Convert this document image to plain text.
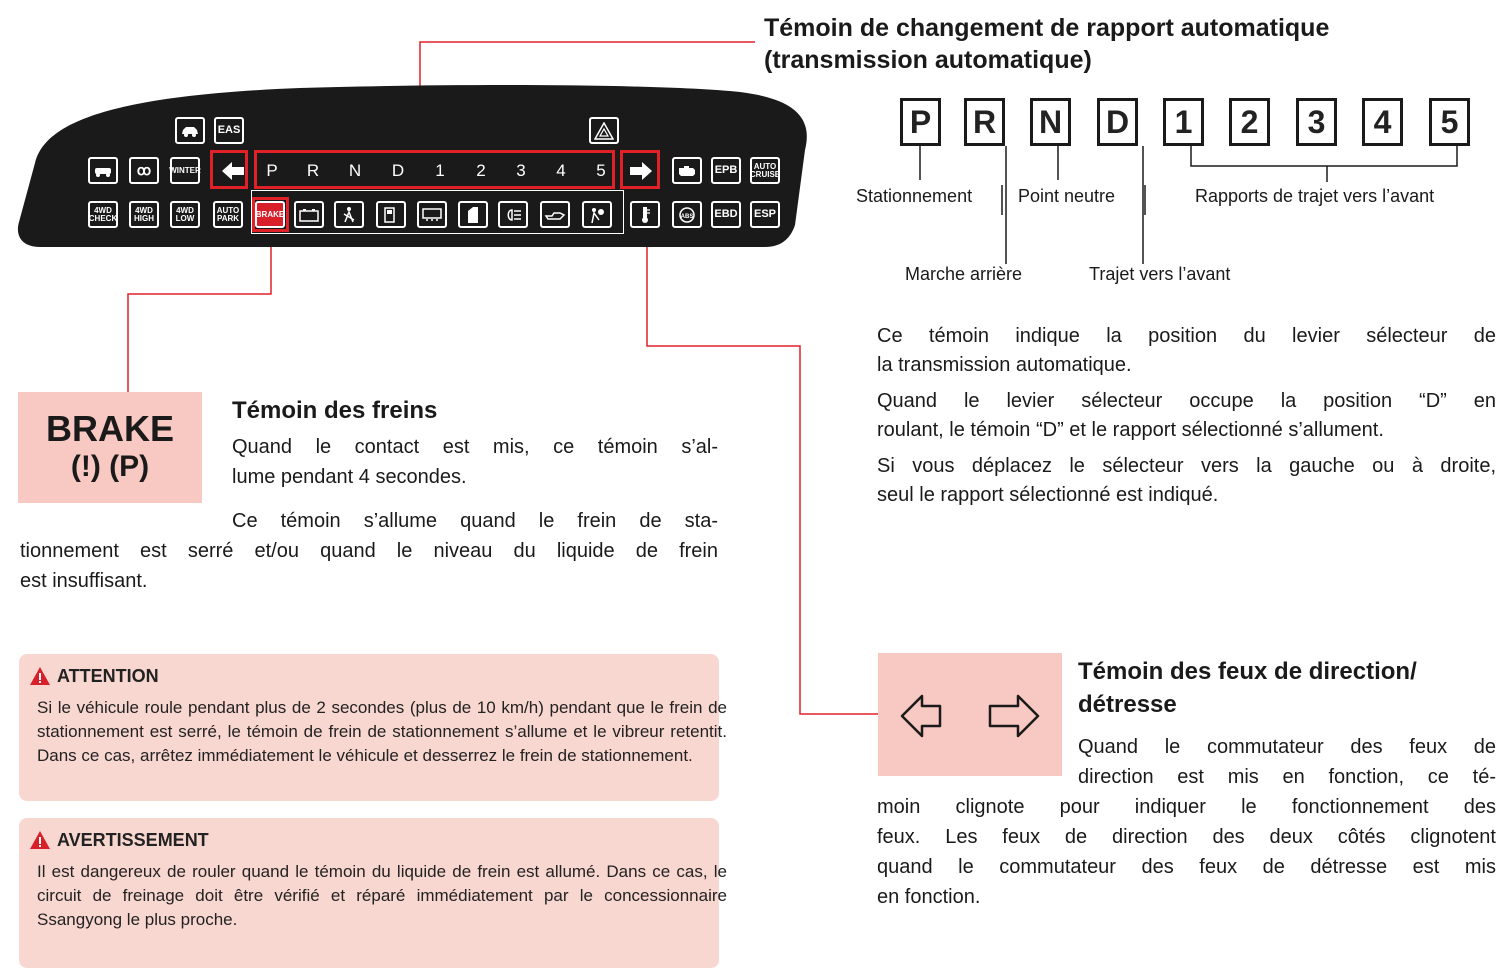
EAS
ꝏ	WINTER	P R N D	1	2	3	4	5	EPB	AUTO CRUISE
4WD CHECK
4WD HIGH
4WD LOW
AUTO PARK BRAKE	ABS EBD ESP
Témoin de changement de rapport automatique
(transmission automatique)
P	R N D	1	2	3	4	5
Stationnement	Point neutre	Rapports de trajet vers l’avant
Marche arrière	Trajet vers l’avant
Ce témoin indique la position du levier sélecteur de
la transmission automatique.
Quand le levier sélecteur occupe la position “D” en
roulant, le témoin “D” et le rapport sélectionné s’allument.
Si vous déplacez le sélecteur vers la gauche ou à droite,
seul le rapport sélectionné est indiqué.
BRAKE
(!) (P)
Témoin des freins
Quand le contact est mis, ce témoin s’al-
lume pendant 4 secondes.
Ce témoin s’allume quand le frein de sta-
tionnement est serré et/ou quand le niveau du liquide de frein
est insuffisant.
ATTENTION
Si le véhicule roule pendant plus de 2 secondes (plus de 10 km/h) pendant que le frein de stationnement est serré, le témoin de frein de stationnement s’allume et le vibreur retentit. Dans ce cas, arrêtez immédiatement le véhicule et desserrez le frein de stationnement.
AVERTISSEMENT
Il est dangereux de rouler quand le témoin du liquide de frein est allumé. Dans ce cas, le circuit de freinage doit être vérifié et réparé immédiatement par le concessionnaire Ssangyong le plus proche.
Témoin des feux de direction/
détresse
Quand le commutateur des feux de
direction est mis en fonction, ce té-
moin clignote pour indiquer le fonctionnement des
feux. Les feux de direction des deux côtés clignotent
quand le commutateur des feux de détresse est mis
en fonction.
